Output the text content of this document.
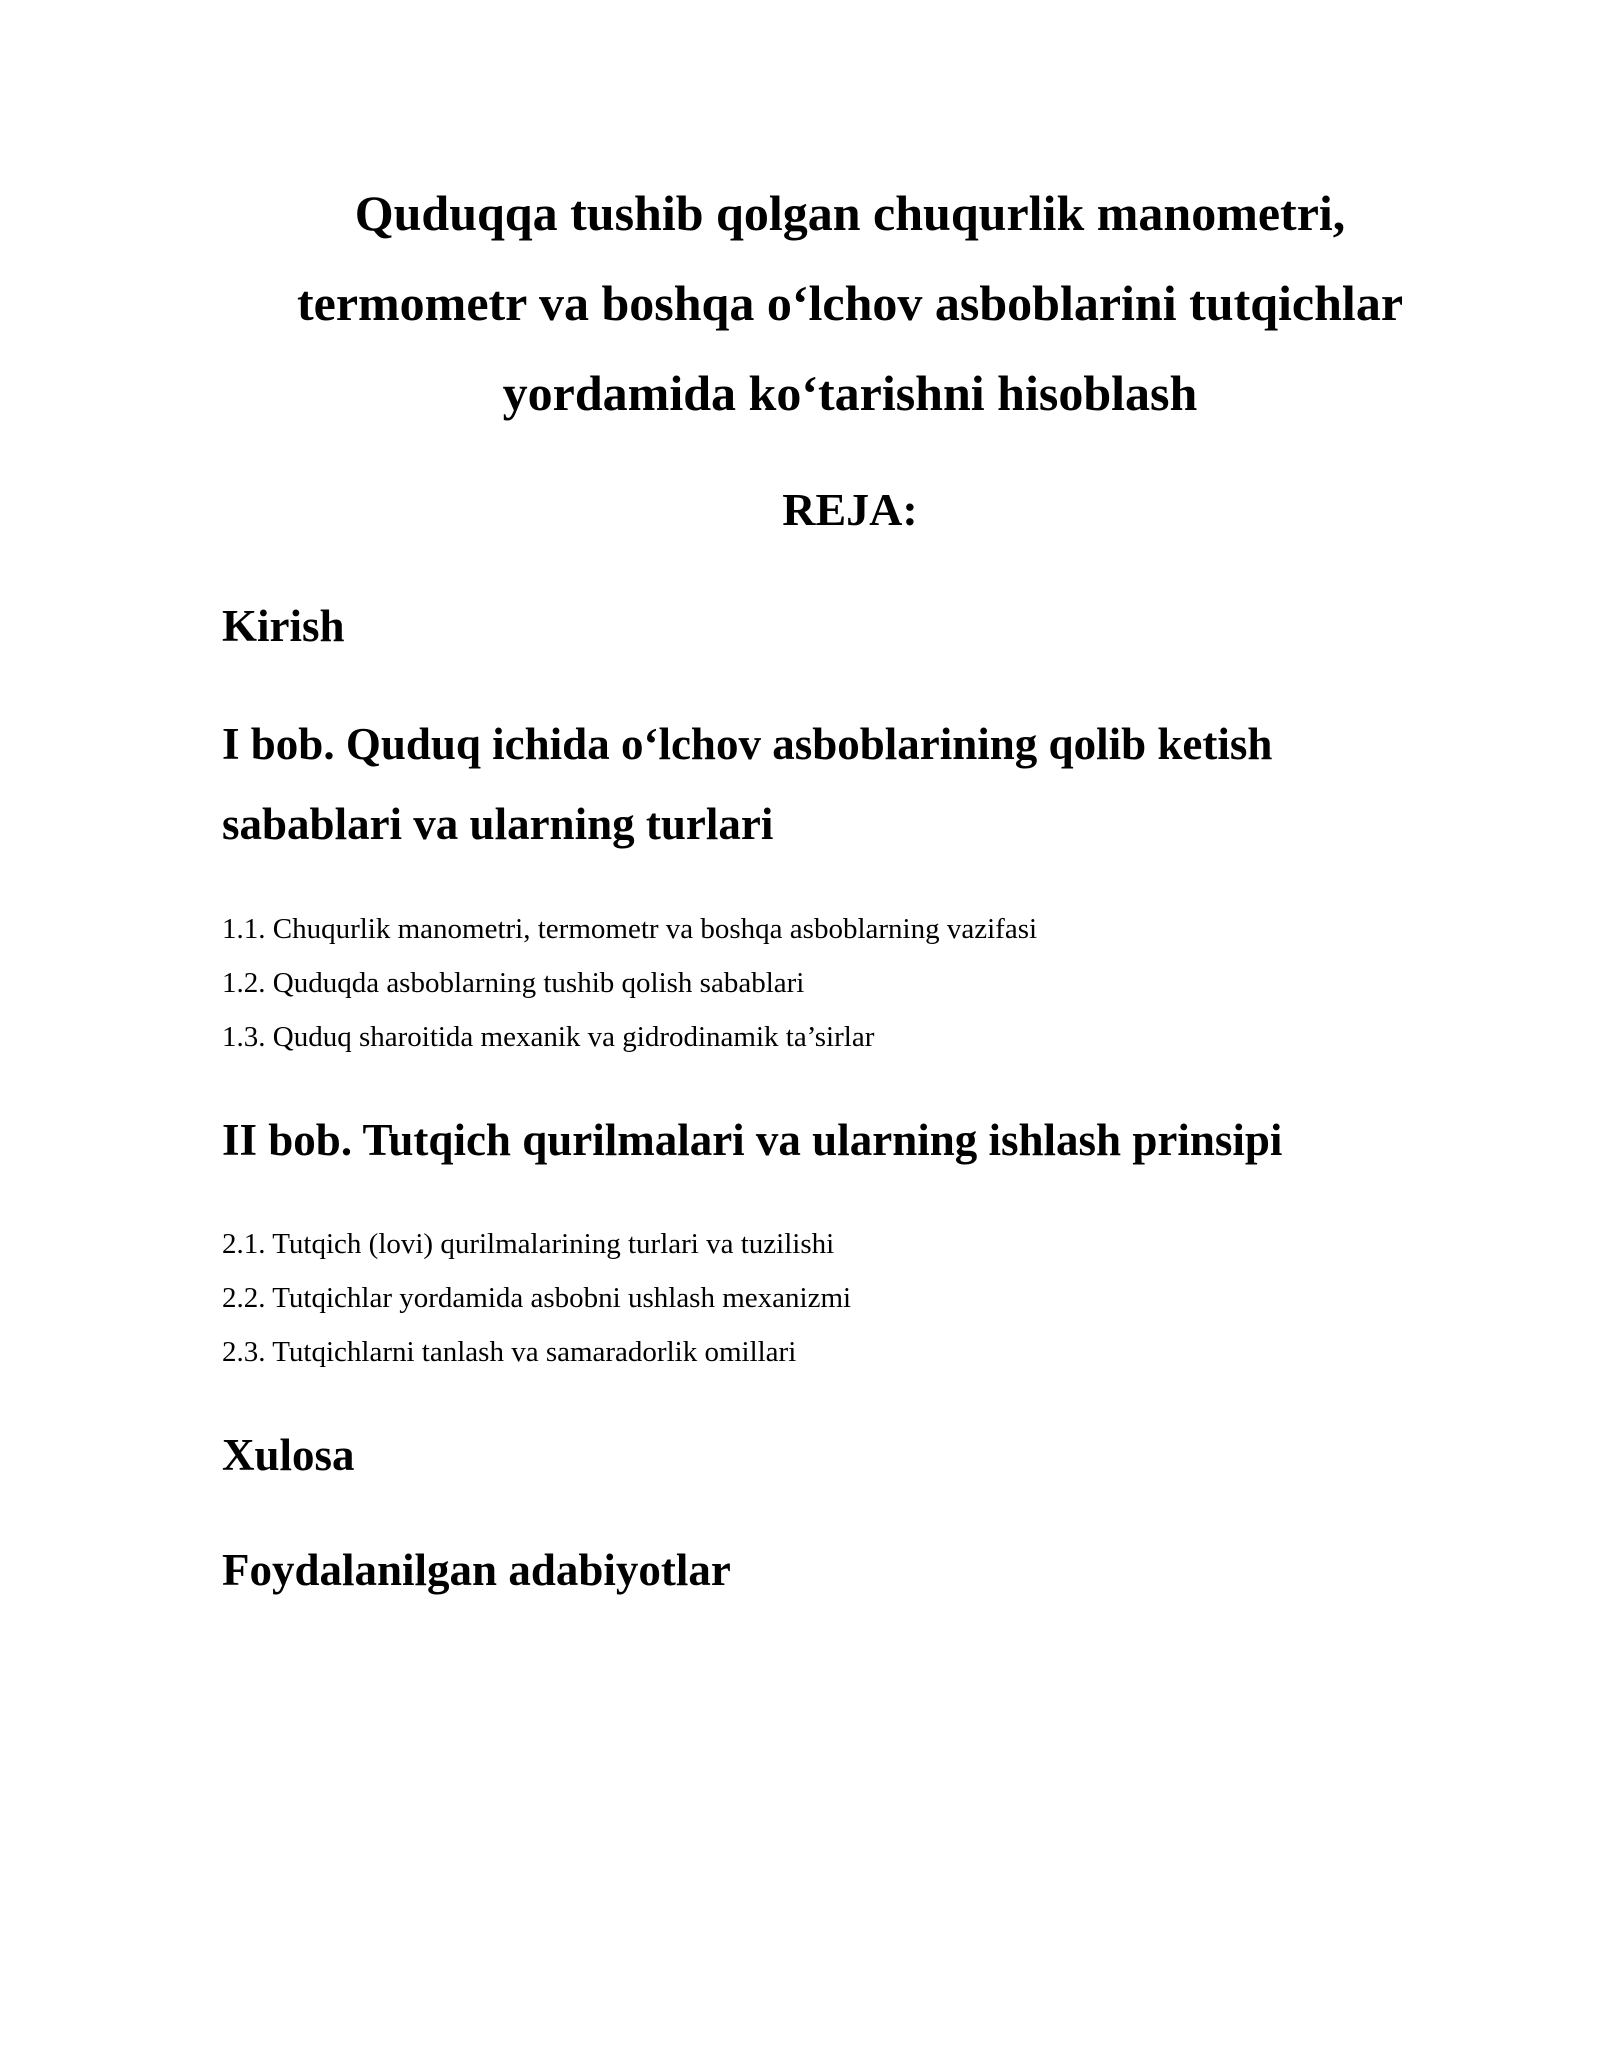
Quduqqa tushib qolgan chuqurlik manometri,
termometr va boshqa o‘lchov asboblarini tutqichlar
yordamida ko‘tarishni hisoblash
REJA:
Kirish
I bob. Quduq ichida o‘lchov asboblarining qolib ketish
sabablari va ularning turlari
1.1. Chuqurlik manometri, termometr va boshqa asboblarning vazifasi
1.2. Quduqda asboblarning tushib qolish sabablari
1.3. Quduq sharoitida mexanik va gidrodinamik ta’sirlar
II bob. Tutqich qurilmalari va ularning ishlash prinsipi
2.1. Tutqich (lovi) qurilmalarining turlari va tuzilishi
2.2. Tutqichlar yordamida asbobni ushlash mexanizmi
2.3. Tutqichlarni tanlash va samaradorlik omillari
Xulosa
Foydalanilgan adabiyotlar
